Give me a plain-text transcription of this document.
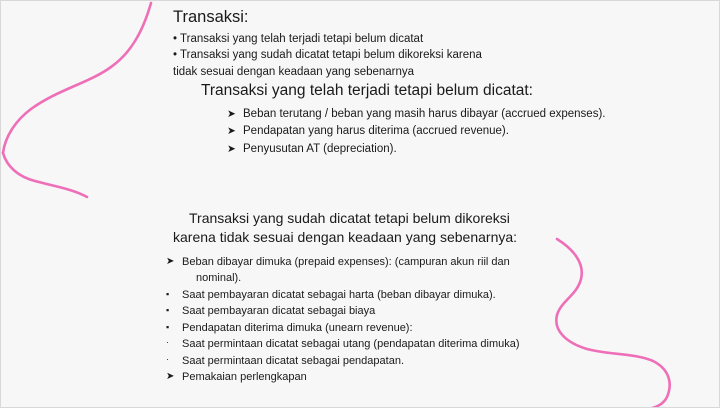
Transaksi:
• Transaksi yang telah terjadi tetapi belum dicatat
• Transaksi yang sudah dicatat tetapi belum dikoreksi karena
tidak sesuai dengan keadaan yang sebenarnya
Transaksi yang telah terjadi tetapi belum dicatat:
➤ Beban terutang / beban yang masih harus dibayar (accrued expenses).
➤ Pendapatan yang harus diterima (accrued revenue).
➤ Penyusutan AT (depreciation).
Transaksi yang sudah dicatat tetapi belum dikoreksi
karena tidak sesuai dengan keadaan yang sebenarnya:
➤ Beban dibayar dimuka (prepaid expenses): (campuran akun riil dan
nominal).
▪	Saat pembayaran dicatat sebagai harta (beban dibayar dimuka).
▪	Saat pembayaran dicatat sebagai biaya
▪	Pendapatan diterima dimuka (unearn revenue):
·	Saat permintaan dicatat sebagai utang (pendapatan diterima dimuka)
·	Saat permintaan dicatat sebagai pendapatan.
➤ Pemakaian perlengkapan
